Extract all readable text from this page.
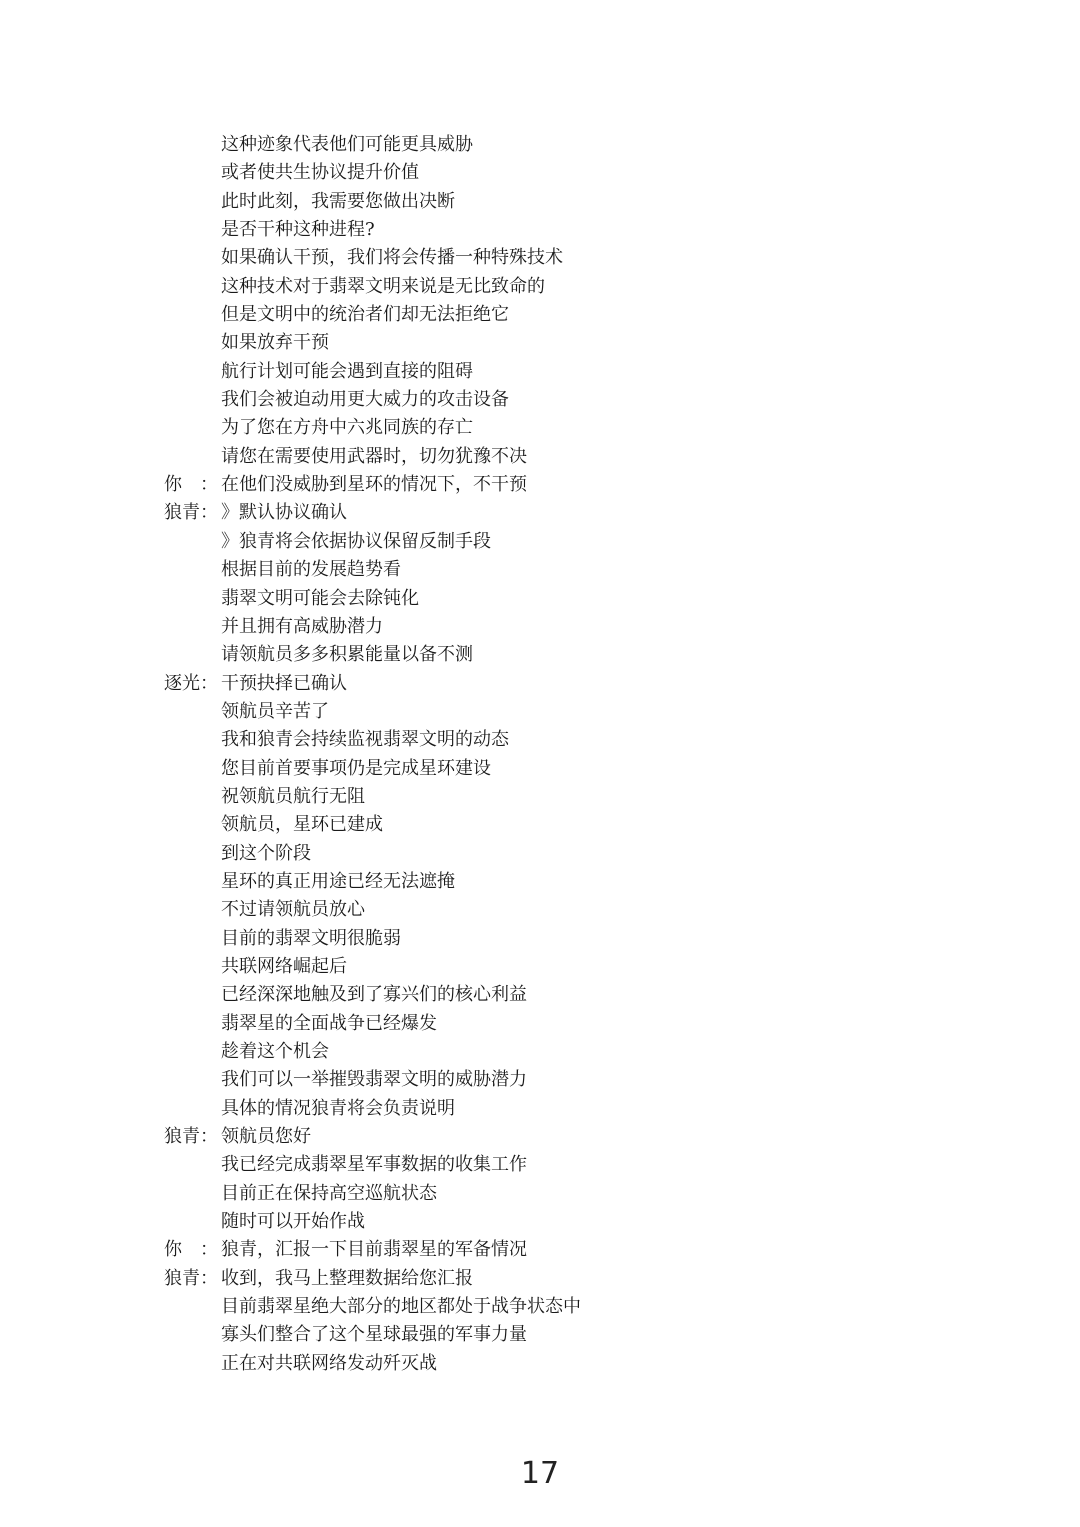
这种迹象代表他们可能更具威胁
或者使共生协议提升价值
此时此刻，我需要您做出决断
是否干种这种进程?
如果确认干预，我们将会传播一种特殊技术
这种技术对于翡翠文明来说是无比致命的
但是文明中的统治者们却无法拒绝它
如果放弃干预
航行计划可能会遇到直接的阻碍
我们会被迫动用更大威力的攻击设备
为了您在方舟中六兆同族的存亡
请您在需要使用武器时，切勿犹豫不决
你　： 在他们没威胁到星环的情况下，不干预
狼青： 》默认协议确认
》狼青将会依据协议保留反制手段
根据目前的发展趋势看
翡翠文明可能会去除钝化
并且拥有高威胁潜力
请领航员多多积累能量以备不测
逐光： 干预抉择已确认
领航员辛苦了
我和狼青会持续监视翡翠文明的动态
您目前首要事项仍是完成星环建设
祝领航员航行无阻
领航员，星环已建成
到这个阶段
星环的真正用途已经无法遮掩
不过请领航员放心
目前的翡翠文明很脆弱
共联网络崛起后
已经深深地触及到了寡兴们的核心利益
翡翠星的全面战争已经爆发
趁着这个机会
我们可以一举摧毁翡翠文明的威胁潜力
具体的情况狼青将会负责说明
狼青： 领航员您好
我已经完成翡翠星军事数据的收集工作
目前正在保持高空巡航状态
随时可以开始作战
你　： 狼青，汇报一下目前翡翠星的军备情况
狼青： 收到，我马上整理数据给您汇报
目前翡翠星绝大部分的地区都处于战争状态中
寡头们整合了这个星球最强的军事力量
正在对共联网络发动歼灭战
17
